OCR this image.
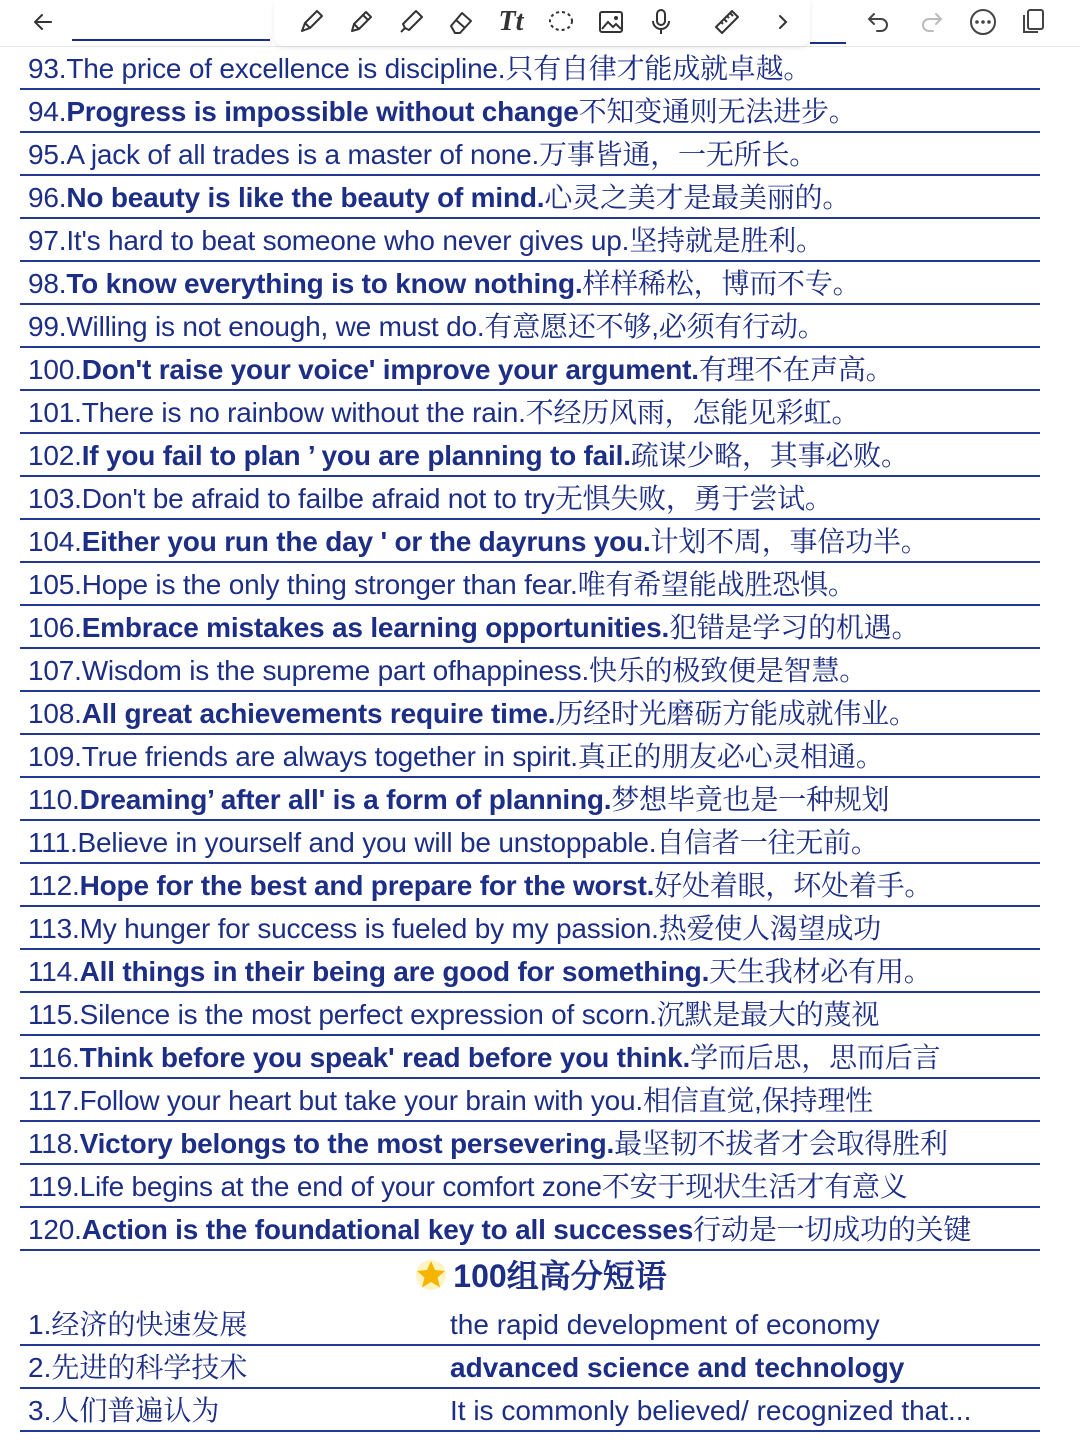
Tt
93.The price of excellence is discipline.只有自律才能成就卓越。
94.Progress is impossible without change不知变通则无法进步。
95.A jack of all trades is a master of none.万事皆通，一无所长。
96.No beauty is like the beauty of mind.心灵之美才是最美丽的。
97.It's hard to beat someone who never gives up.坚持就是胜利。
98.To know everything is to know nothing.样样稀松，博而不专。
99.Willing is not enough, we must do.有意愿还不够,必须有行动。
100.Don't raise your voice' improve your argument.有理不在声高。
101.There is no rainbow without the rain.不经历风雨，怎能见彩虹。
102.If you fail to plan ’ you are planning to fail.疏谋少略，其事必败。
103.Don't be afraid to failbe afraid not to try无惧失败，勇于尝试。
104.Either you run the day ' or the dayruns you.计划不周，事倍功半。
105.Hope is the only thing stronger than fear.唯有希望能战胜恐惧。
106.Embrace mistakes as learning opportunities.犯错是学习的机遇。
107.Wisdom is the supreme part ofhappiness.快乐的极致便是智慧。
108.All great achievements require time.历经时光磨砺方能成就伟业。
109.True friends are always together in spirit.真正的朋友必心灵相通。
110.Dreaming’ after all' is a form of planning.梦想毕竟也是一种规划
111.Believe in yourself and you will be unstoppable.自信者一往无前。
112.Hope for the best and prepare for the worst.好处着眼，坏处着手。
113.My hunger for success is fueled by my passion.热爱使人渴望成功
114.All things in their being are good for something.天生我材必有用。
115.Silence is the most perfect expression of scorn.沉默是最大的蔑视
116.Think before you speak' read before you think.学而后思，思而后言
117.Follow your heart but take your brain with you.相信直觉,保持理性
118.Victory belongs to the most persevering.最坚韧不拔者才会取得胜利
119.Life begins at the end of your comfort zone不安于现状生活才有意义
120.Action is the foundational key to all successes行动是一切成功的关键
100组高分短语
1.经济的快速发展	the rapid development of economy
2.先进的科学技术	advanced science and technology
3.人们普遍认为	It is commonly believed/ recognized that...
